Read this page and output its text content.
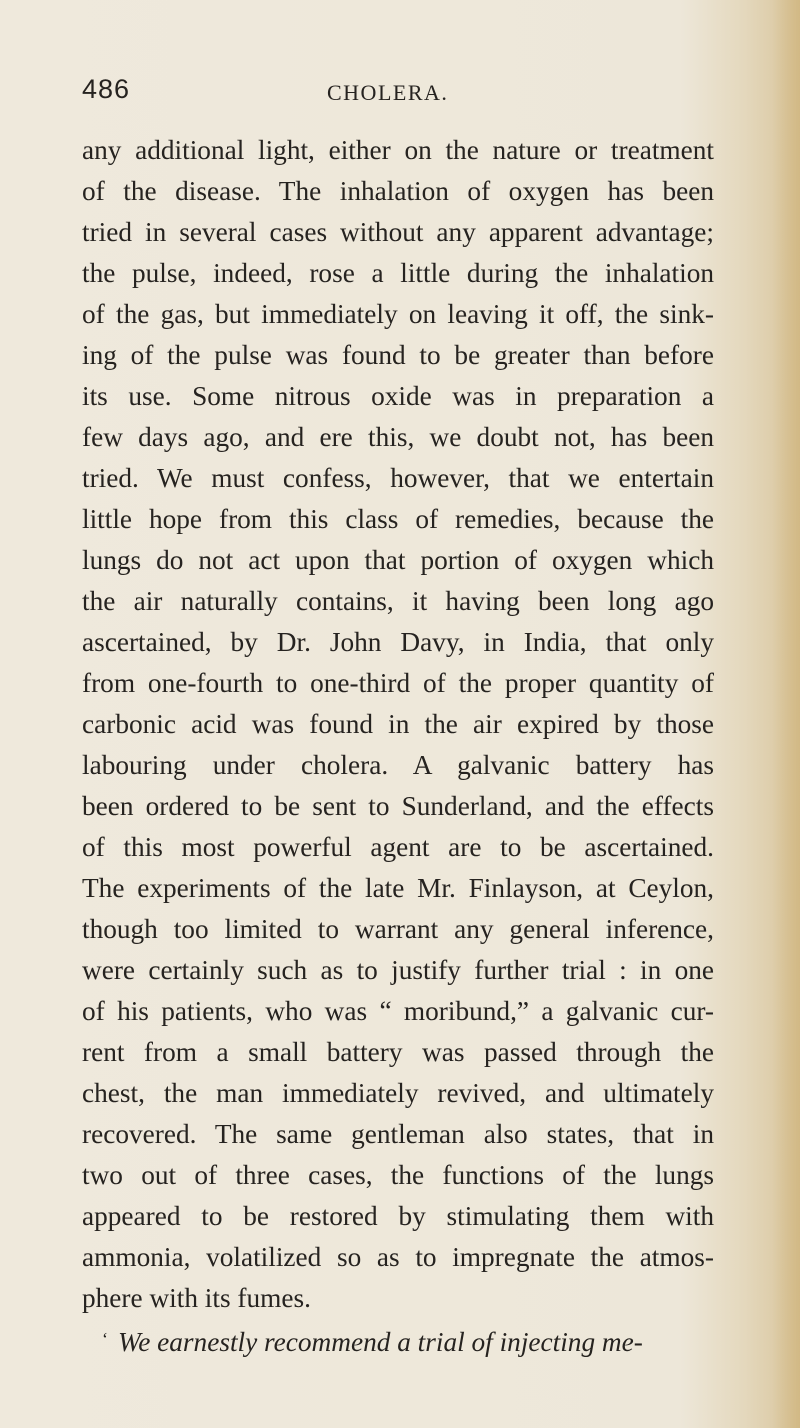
486	CHOLERA.
any additional light, either on the nature or treatment
of the disease. The inhalation of oxygen has been
tried in several cases without any apparent advantage;
the pulse, indeed, rose a little during the inhalation
of the gas, but immediately on leaving it off, the sink-
ing of the pulse was found to be greater than before
its use. Some nitrous oxide was in preparation a
few days ago, and ere this, we doubt not, has been
tried. We must confess, however, that we entertain
little hope from this class of remedies, because the
lungs do not act upon that portion of oxygen which
the air naturally contains, it having been long ago
ascertained, by Dr. John Davy, in India, that only
from one-fourth to one-third of the proper quantity of
carbonic acid was found in the air expired by those
labouring under cholera. A galvanic battery has
been ordered to be sent to Sunderland, and the effects
of this most powerful agent are to be ascertained.
The experiments of the late Mr. Finlayson, at Ceylon,
though too limited to warrant any general inference,
were certainly such as to justify further trial : in one
of his patients, who was “ moribund,” a galvanic cur-
rent from a small battery was passed through the
chest, the man immediately revived, and ultimately
recovered. The same gentleman also states, that in
two out of three cases, the functions of the lungs
appeared to be restored by stimulating them with
ammonia, volatilized so as to impregnate the atmos-
phere with its fumes.
‘ We earnestly recommend a trial of injecting me-
